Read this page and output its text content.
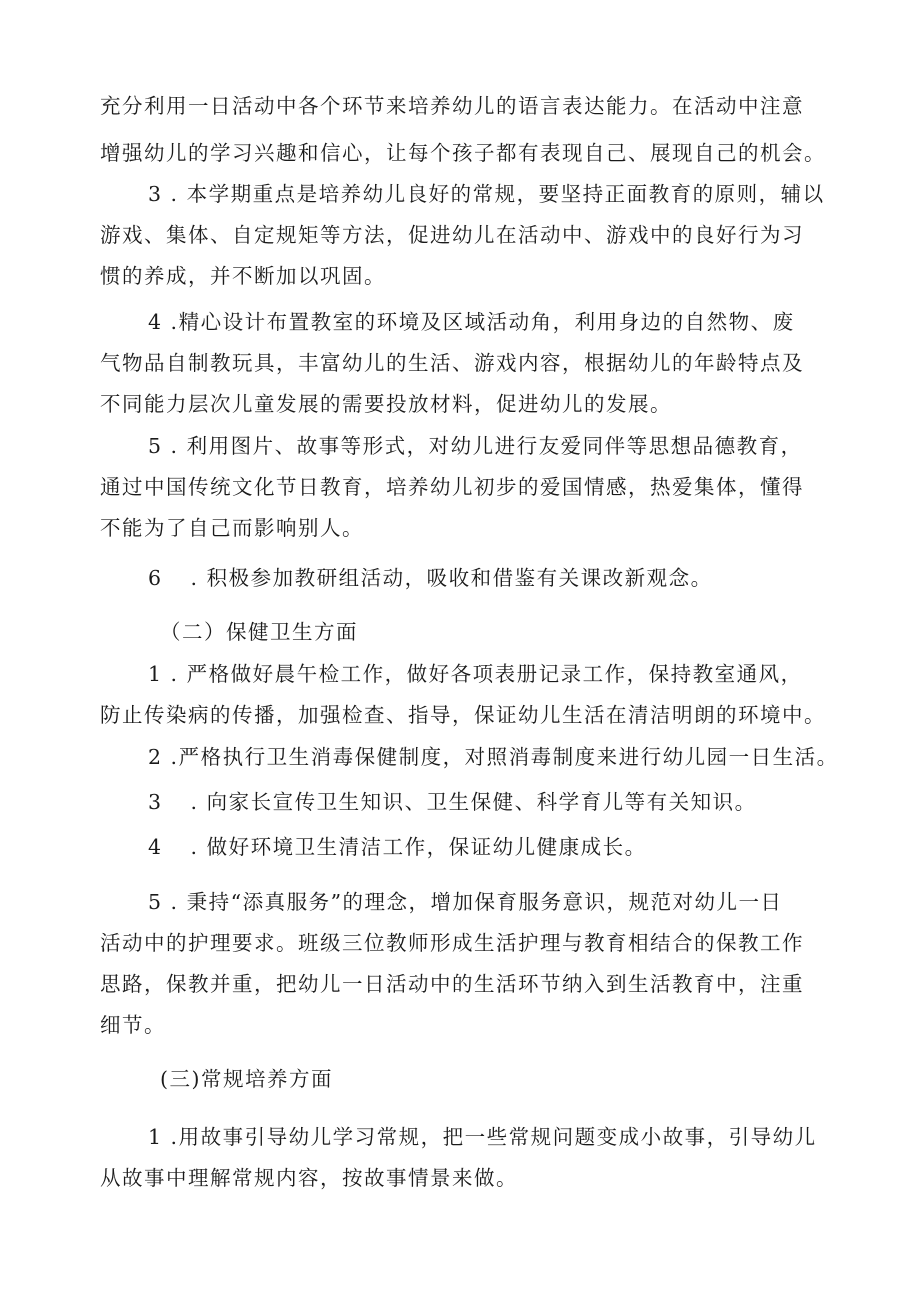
充分利用一日活动中各个环节来培养幼儿的语言表达能力。在活动中注意
增强幼儿的学习兴趣和信心，让每个孩子都有表现自己、展现自己的机会。
3 . 本学期重点是培养幼儿良好的常规，要坚持正面教育的原则，辅以
游戏、集体、自定规矩等方法，促进幼儿在活动中、游戏中的良好行为习
惯的养成，并不断加以巩固。
4 .精心设计布置教室的环境及区域活动角，利用身边的自然物、废
气物品自制教玩具，丰富幼儿的生活、游戏内容，根据幼儿的年龄特点及
不同能力层次儿童发展的需要投放材料，促进幼儿的发展。
5 . 利用图片、故事等形式，对幼儿进行友爱同伴等思想品德教育，
通过中国传统文化节日教育，培养幼儿初步的爱国情感，热爱集体，懂得
不能为了自己而影响别人。
6 . 积极参加教研组活动，吸收和借鉴有关课改新观念。
（二）保健卫生方面
1 . 严格做好晨午检工作，做好各项表册记录工作，保持教室通风，
防止传染病的传播，加强检查、指导，保证幼儿生活在清洁明朗的环境中。
2 .严格执行卫生消毒保健制度，对照消毒制度来进行幼儿园一日生活。
3 . 向家长宣传卫生知识、卫生保健、科学育儿等有关知识。
4 . 做好环境卫生清洁工作，保证幼儿健康成长。
5 . 秉持“添真服务”的理念，增加保育服务意识，规范对幼儿一日
活动中的护理要求。班级三位教师形成生活护理与教育相结合的保教工作
思路，保教并重，把幼儿一日活动中的生活环节纳入到生活教育中，注重
细节。
(三)常规培养方面
1 .用故事引导幼儿学习常规，把一些常规问题变成小故事，引导幼儿
从故事中理解常规内容，按故事情景来做。
